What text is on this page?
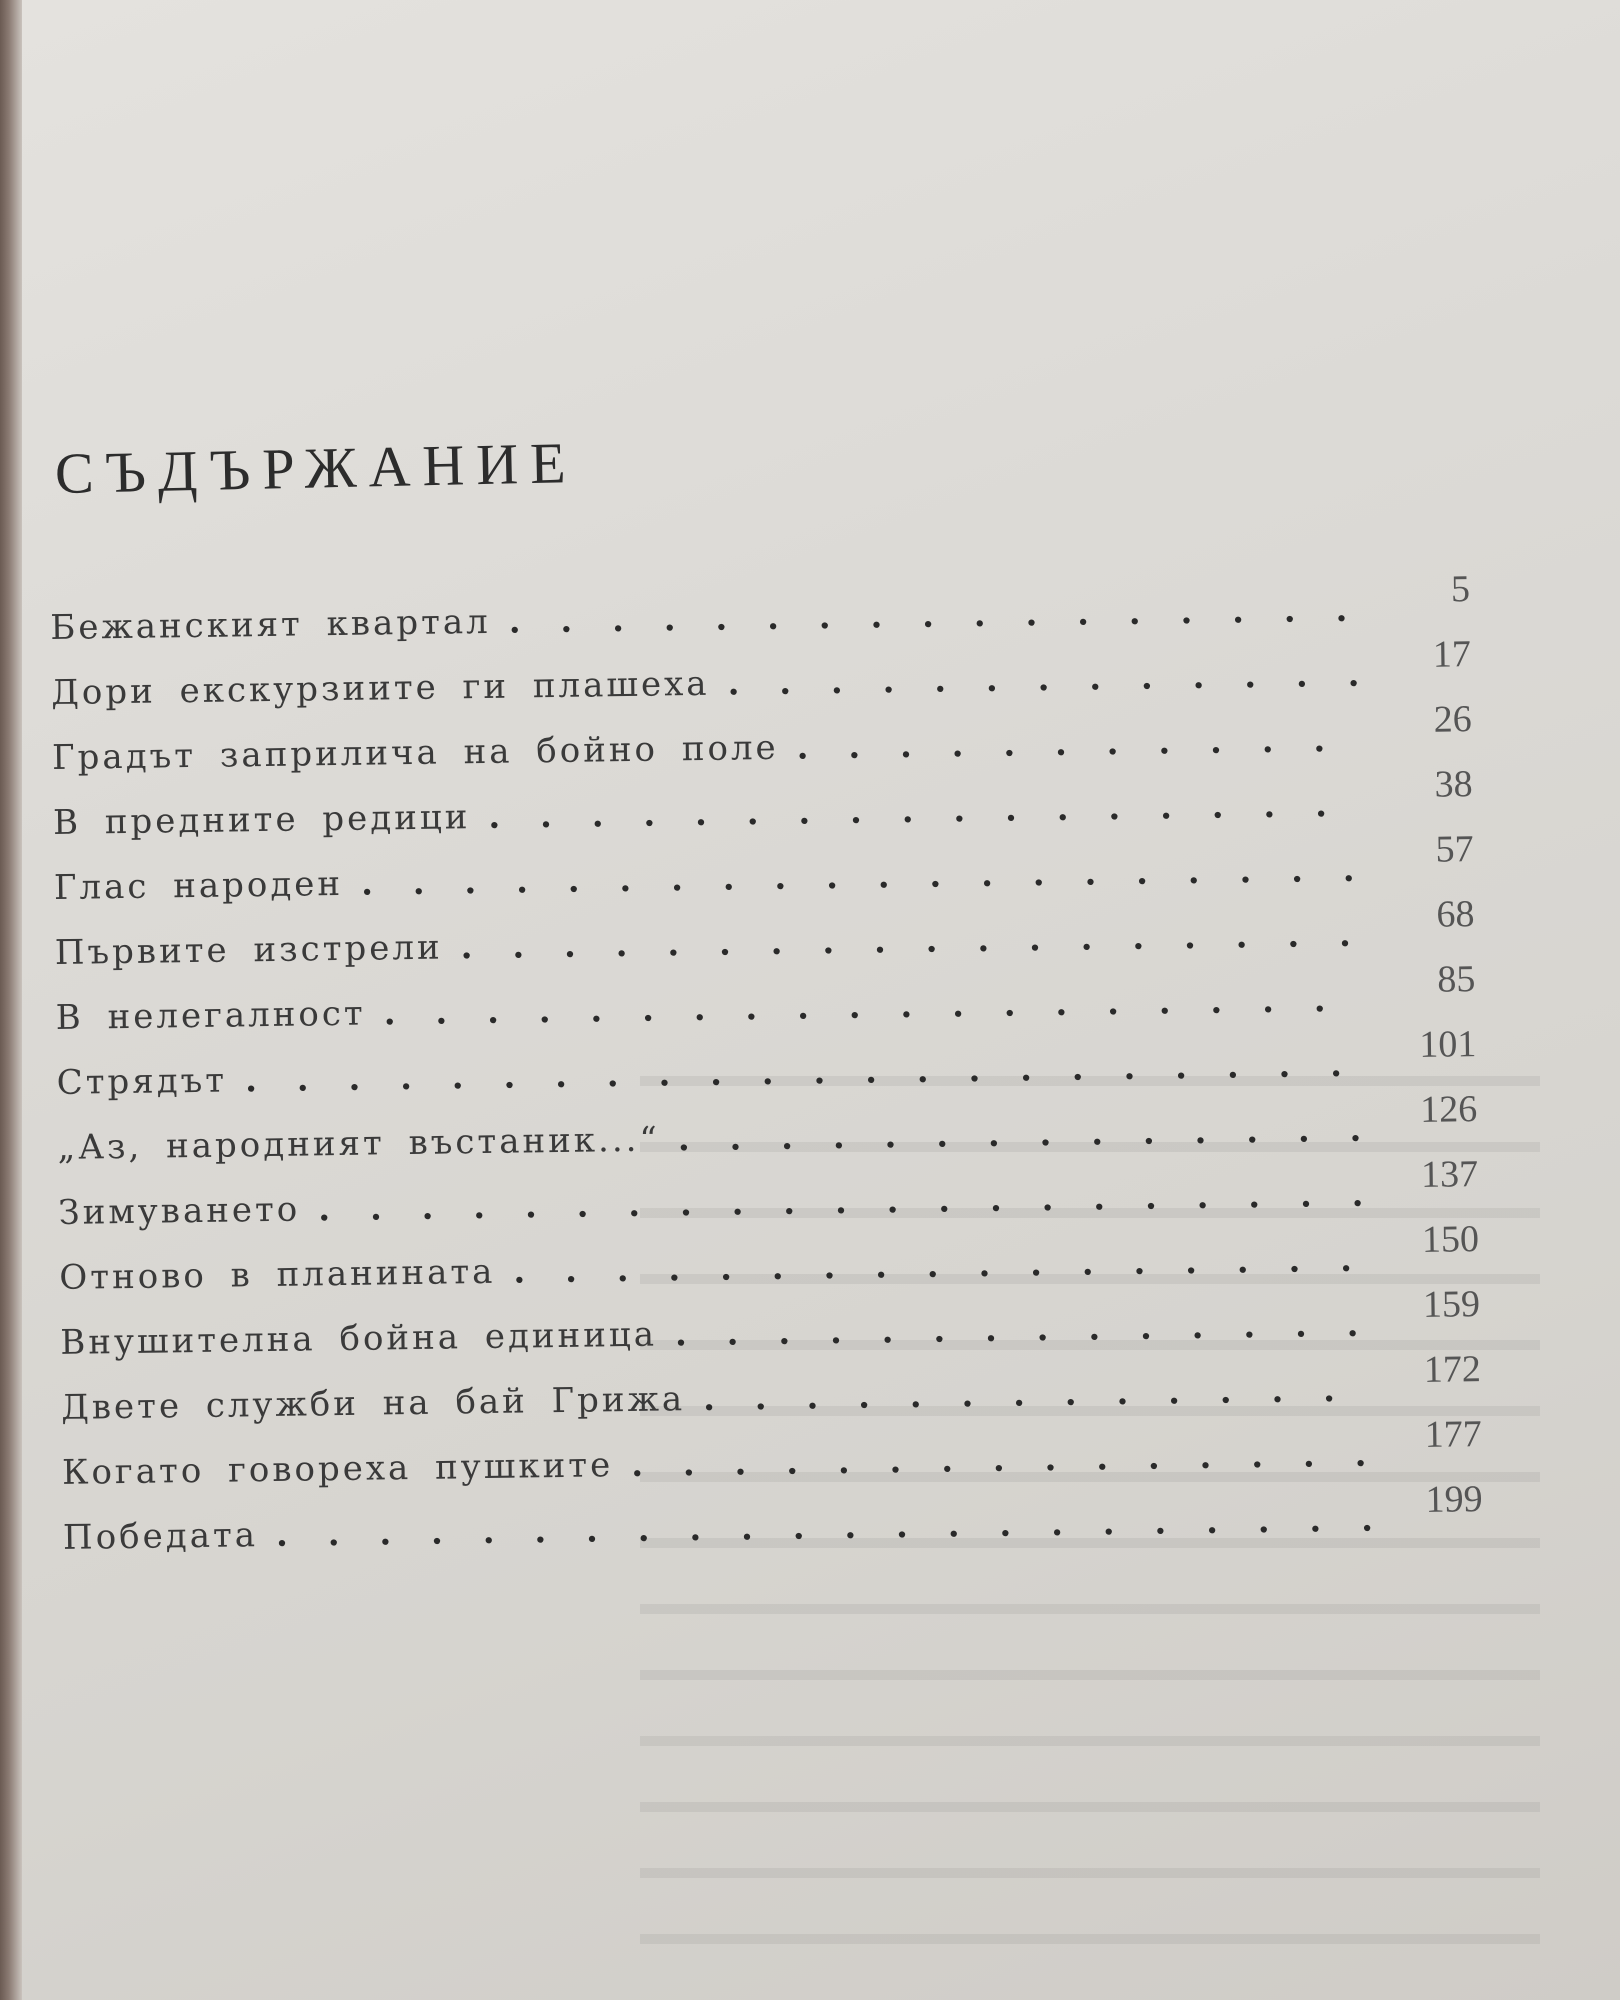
СЪДЪРЖАНИЕ
Бежанският квартал
. . .
5
Дори екскурзиите ги плашеха
. . .
17
Градът заприлича на бойно поле
. . .
26
В предните редици
. . .
38
Глас народен
. . .
57
Първите изстрели
. . .
68
В нелегалност
. . .
85
Стрядът
. . .
101
„Аз, народният въстаник...“
. . .
126
Зимуването
. . .
137
Отново в планината
. . .
150
Внушителна бойна единица
. . .
159
Двете служби на бай Грижа
. . .
172
Когато говореха пушките
. . .
177
Победата
. . .
199
